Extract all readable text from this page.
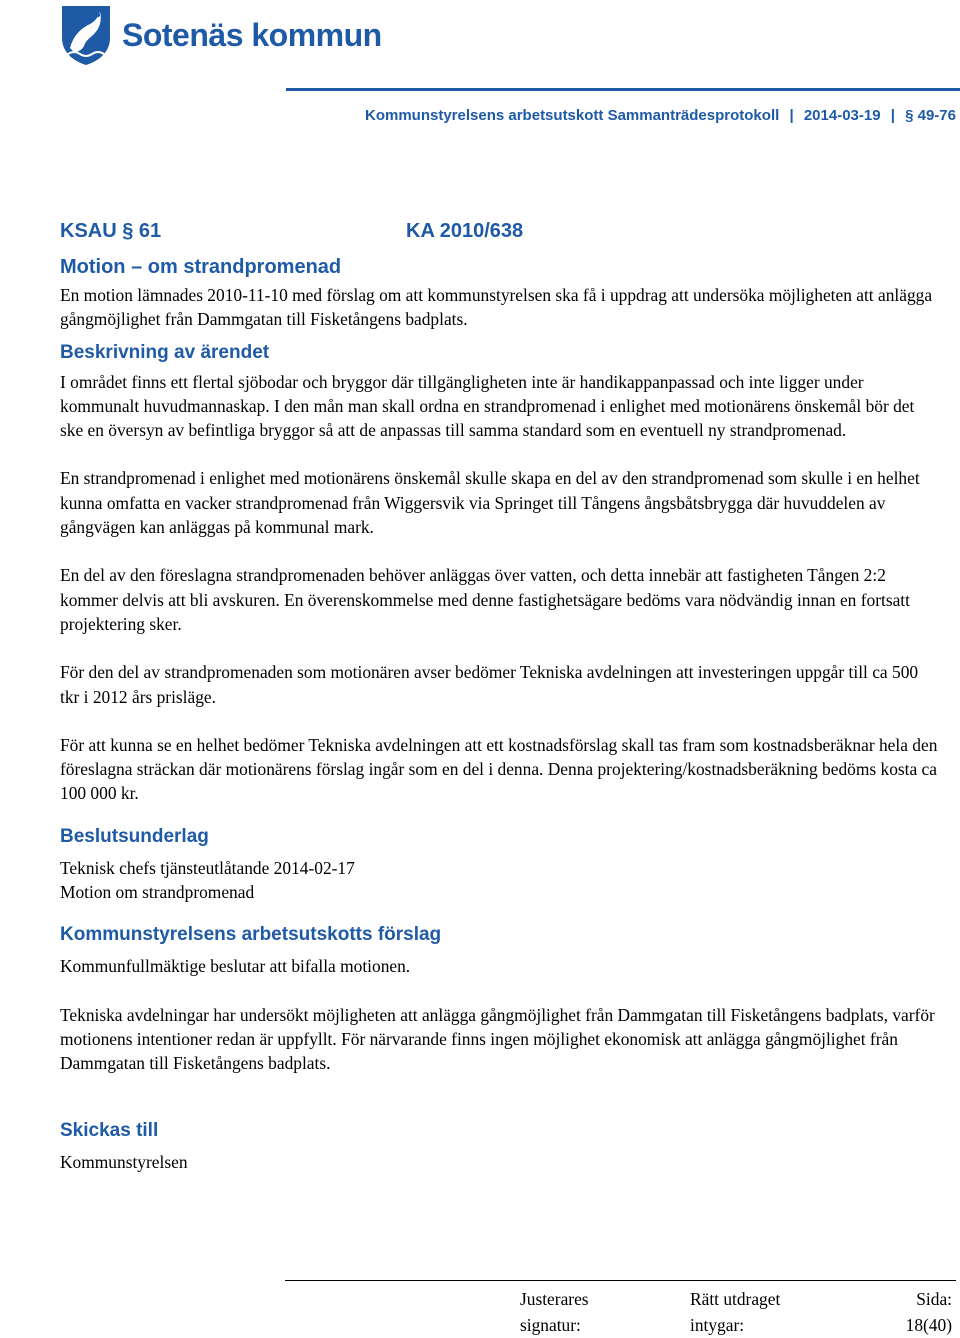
Sotenäs kommun
Kommunstyrelsens arbetsutskott Sammanträdesprotokoll | 2014-03-19 | § 49-76
KSAU § 61	KA 2010/638
Motion – om strandpromenad

En motion lämnades 2010-11-10 med förslag om att kommunstyrelsen ska få i uppdrag att undersöka möjligheten att anlägga gångmöjlighet från Dammgatan till Fisketångens badplats.

Beskrivning av ärendet

I området finns ett flertal sjöbodar och bryggor där tillgängligheten inte är handikappanpassad och inte ligger under kommunalt huvudmannaskap. I den mån man skall ordna en strandpromenad i enlighet med motionärens önskemål bör det ske en översyn av befintliga bryggor så att de anpassas till samma standard som en eventuell ny strandpromenad.

En strandpromenad i enlighet med motionärens önskemål skulle skapa en del av den strandpromenad som skulle i en helhet kunna omfatta en vacker strandpromenad från Wiggersvik via Springet till Tångens ångsbåtsbrygga där huvuddelen av gångvägen kan anläggas på kommunal mark.

En del av den föreslagna strandpromenaden behöver anläggas över vatten, och detta innebär att fastigheten Tången 2:2 kommer delvis att bli avskuren. En överenskommelse med denne fastighetsägare bedöms vara nödvändig innan en fortsatt projektering sker.

För den del av strandpromenaden som motionären avser bedömer Tekniska avdelningen att investeringen uppgår till ca 500 tkr i 2012 års prisläge.

För att kunna se en helhet bedömer Tekniska avdelningen att ett kostnadsförslag skall tas fram som kostnadsberäknar hela den föreslagna sträckan där motionärens förslag ingår som en del i denna. Denna projektering/kostnadsberäkning bedöms kosta ca 100 000 kr.

Beslutsunderlag

Teknisk chefs tjänsteutlåtande 2014-02-17

Motion om strandpromenad

Kommunstyrelsens arbetsutskotts förslag

Kommunfullmäktige beslutar att bifalla motionen.

Tekniska avdelningar har undersökt möjligheten att anlägga gångmöjlighet från Dammgatan till Fisketångens badplats, varför motionens intentioner redan är uppfyllt. För närvarande finns ingen möjlighet ekonomisk att anlägga gångmöjlighet från Dammgatan till Fisketångens badplats.

Skickas till

Kommunstyrelsen

Justerares
signatur:
Rätt utdraget
intygar:
Sida:
18(40)
